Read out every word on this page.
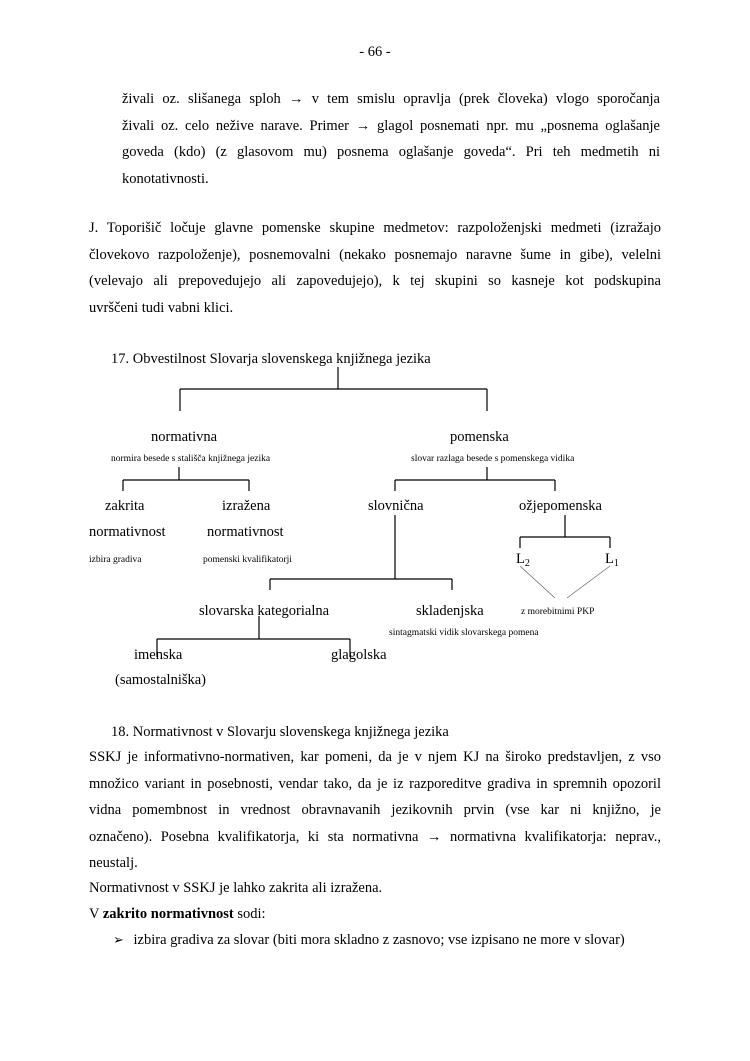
- 66 -
živali oz. slišanega sploh → v tem smislu opravlja (prek človeka) vlogo sporočanja
živali oz. celo nežive narave. Primer → glagol posnemati npr. mu „posnema oglašanje
goveda (kdo) (z glasovom mu) posnema oglašanje goveda“. Pri teh medmetih ni
konotativnosti.
J. Toporišič ločuje glavne pomenske skupine medmetov: razpoloženjski medmeti (izražajo
človekovo razpoloženje), posnemovalni (nekako posnemajo naravne šume in gibe), velelni
(velevajo ali prepovedujejo ali zapovedujejo), k tej skupini so kasneje kot podskupina
uvrščeni tudi vabni klici.
17. Obvestilnost Slovarja slovenskega knjižnega jezika
normativna
normira besede s stališča knjižnega jezika
pomenska
slovar razlaga besede s pomenskega vidika
zakrita
normativnost
izbira gradiva
izražena
normativnost
pomenski kvalifikatorji
slovnična	ožjepomenska
$L_2$	$L_1$
z morebitnimi PKP
slovarska kategorialna	skladenjska
sintagmatski vidik slovarskega pomena
imenska
(samostalniška)
glagolska
18. Normativnost v Slovarju slovenskega knjižnega jezika
SSKJ je informativno-normativen, kar pomeni, da je v njem KJ na široko predstavljen, z vso
množico variant in posebnosti, vendar tako, da je iz razporeditve gradiva in spremnih opozoril
vidna pomembnost in vrednost obravnavanih jezikovnih prvin (vse kar ni knjižno, je
označeno). Posebna kvalifikatorja, ki sta normativna → normativna kvalifikatorja: neprav.,
neustalj.
Normativnost v SSKJ je lahko zakrita ali izražena.
V zakrito normativnost sodi:
➢ izbira gradiva za slovar (biti mora skladno z zasnovo; vse izpisano ne more v slovar)
